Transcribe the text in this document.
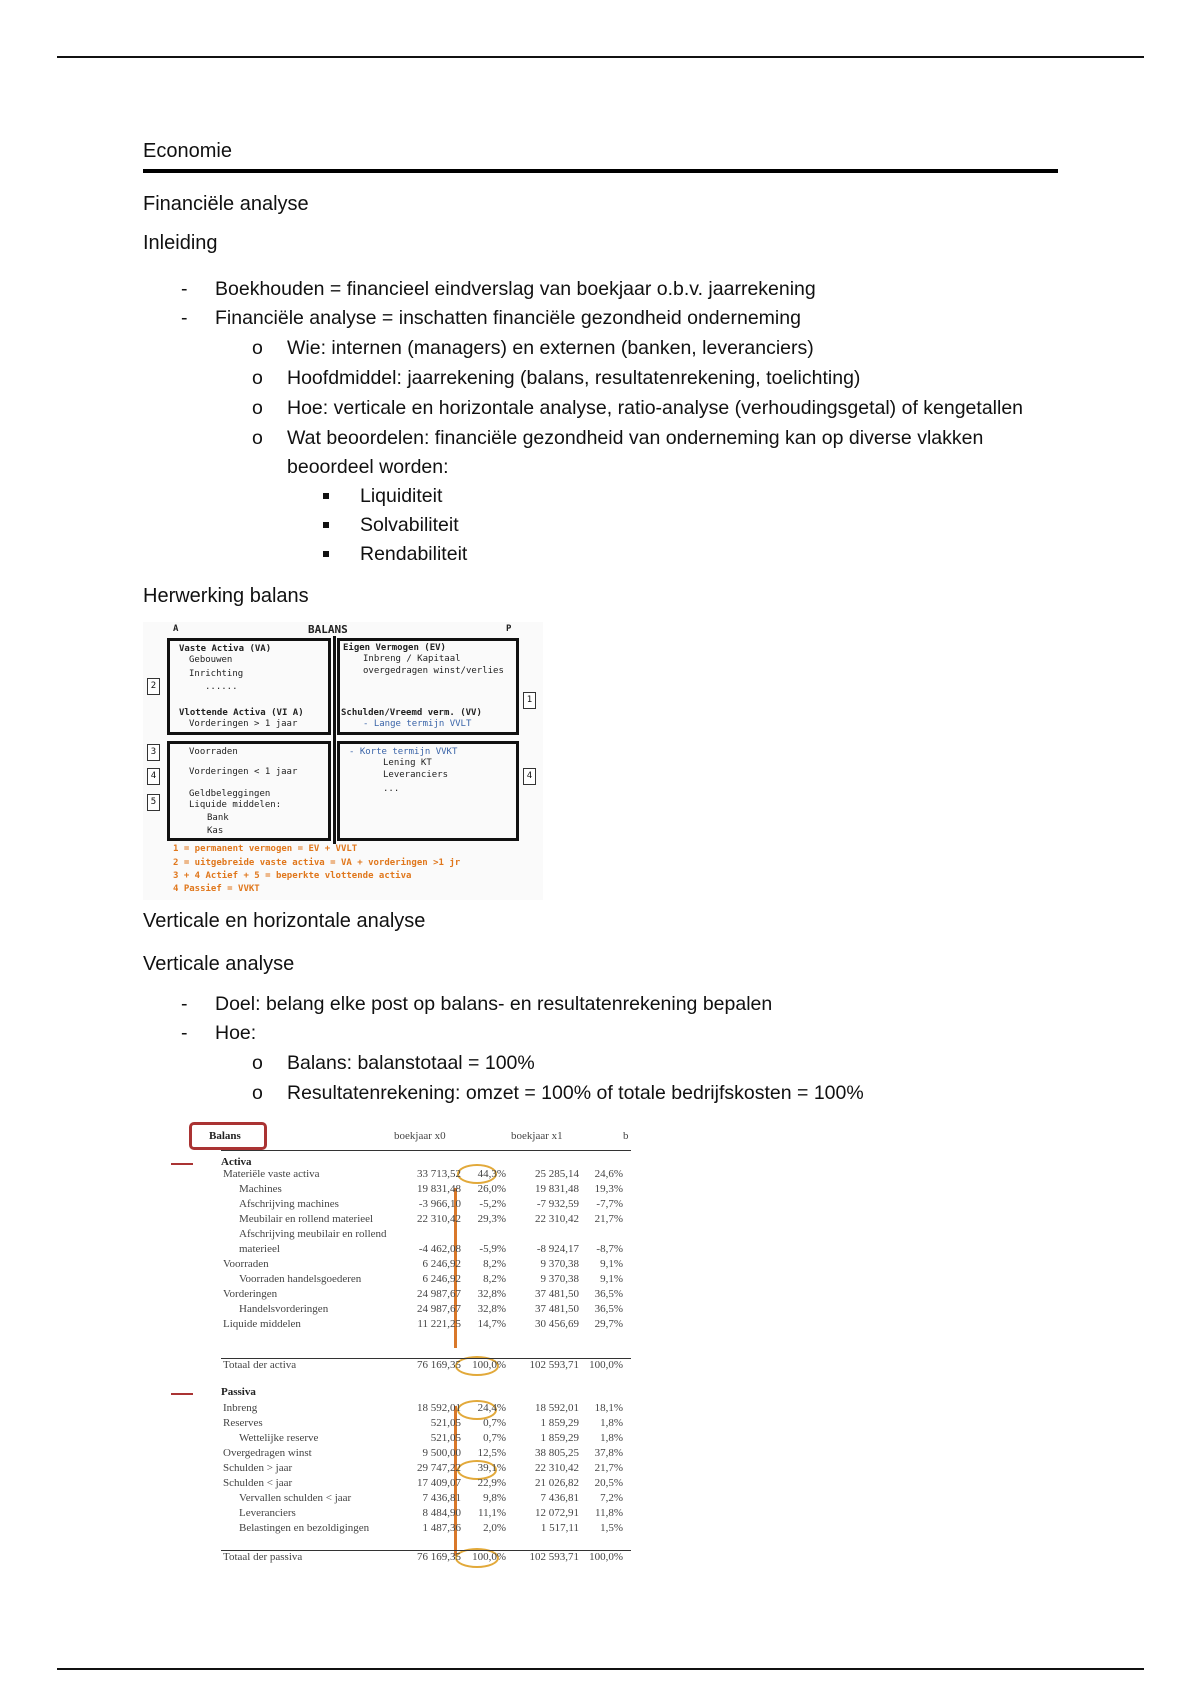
Economie
Financiële analyse
Inleiding
- Boekhouden = financieel eindverslag van boekjaar o.b.v. jaarrekening
- Financiële analyse = inschatten financiële gezondheid onderneming
o Wie: internen (managers) en externen (banken, leveranciers)
o Hoofdmiddel: jaarrekening (balans, resultatenrekening, toelichting)
o Hoe: verticale en horizontale analyse, ratio-analyse (verhoudingsgetal) of kengetallen
o Wat beoordelen: financiële gezondheid van onderneming kan op diverse vlakken beoordeel worden:
Liquiditeit
Solvabiliteit
Rendabiliteit
Herwerking balans
A	BALANS	P
Vaste Activa (VA)
Gebouwen
Inrichting
......
Vlottende Activa (VI A)
Vorderingen > 1 jaar
Eigen Vermogen (EV)
Inbreng / Kapitaal
overgedragen winst/verlies
Schulden/Vreemd verm. (VV)
- Lange termijn VVLT
Voorraden
Vorderingen < 1 jaar
Geldbeleggingen
Liquide middelen:
Bank
Kas
- Korte termijn VVKT
Lening KT
Leveranciers
...
2
3
4
5
1
4
1 = permanent vermogen = EV + VVLT
2 = uitgebreide vaste activa = VA + vorderingen >1 jr
3 + 4 Actief + 5 = beperkte vlottende activa
4 Passief = VVKT
Verticale en horizontale analyse
Verticale analyse
- Doel: belang elke post op balans- en resultatenrekening bepalen
- Hoe:
o Balans: balanstotaal = 100%
o Resultatenrekening: omzet = 100% of totale bedrijfskosten = 100%
Balans	boekjaar x0	boekjaar x1	b
Activa
Passiva
Materiële vaste activa	33 713,52 44,3%	25 285,14 24,6%
Machines	19 831,48 26,0%	19 831,48 19,3%
Afschrijving machines	-3 966,10 -5,2%	-7 932,59 -7,7%
Meubilair en rollend materieel	22 310,42 29,3%	22 310,42 21,7%
Afschrijving meubilair en rollend
materieel	-4 462,08 -5,9%	-8 924,17 -8,7%
Voorraden	6 246,92 8,2%	9 370,38 9,1%
Voorraden handelsgoederen	6 246,92 8,2%	9 370,38 9,1%
Vorderingen	24 987,67 32,8%	37 481,50 36,5%
Handelsvorderingen	24 987,67 32,8%	37 481,50 36,5%
Liquide middelen	11 221,25 14,7%	30 456,69 29,7%
Totaal der activa	76 169,35 100,0% 102 593,71 100,0%
Inbreng	18 592,01 24,4%	18 592,01 18,1%
Reserves	521,05 0,7%	1 859,29 1,8%
Wettelijke reserve	521,05 0,7%	1 859,29 1,8%
Overgedragen winst	9 500,00 12,5%	38 805,25 37,8%
Schulden > jaar	29 747,22 39,1%	22 310,42 21,7%
Schulden < jaar	17 409,07 22,9%	21 026,82 20,5%
Vervallen schulden < jaar	7 436,81 9,8%	7 436,81 7,2%
Leveranciers	8 484,90 11,1%	12 072,91 11,8%
Belastingen en bezoldigingen	1 487,36 2,0%	1 517,11 1,5%
Totaal der passiva	76 169,35 100,0% 102 593,71 100,0%
